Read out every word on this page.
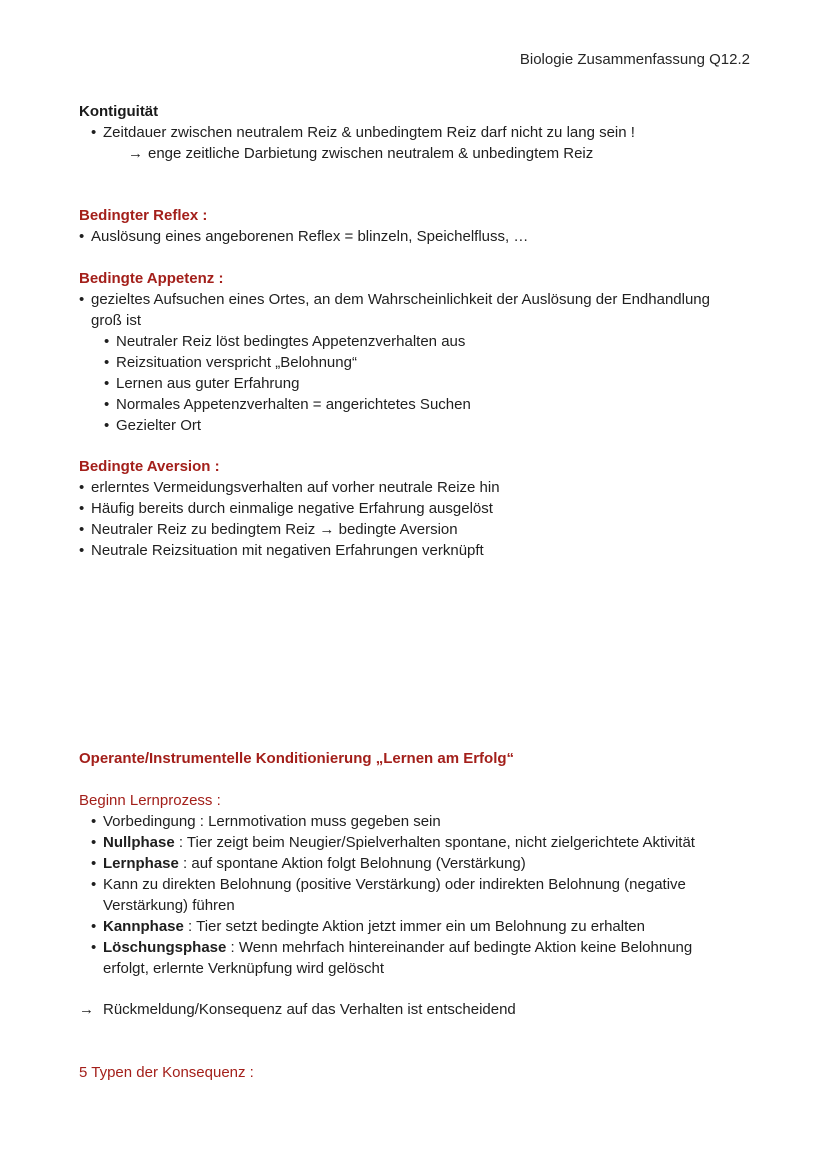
Biologie Zusammenfassung Q12.2
Kontiguität
• Zeitdauer zwischen neutralem Reiz & unbedingtem Reiz darf nicht zu lang sein !
→ enge zeitliche Darbietung zwischen neutralem & unbedingtem Reiz
Bedingter Reflex :
• Auslösung eines angeborenen Reflex = blinzeln, Speichelfluss, …
Bedingte Appetenz :
• gezieltes Aufsuchen eines Ortes, an dem Wahrscheinlichkeit der Auslösung der Endhandlung
groß ist
• Neutraler Reiz löst bedingtes Appetenzverhalten aus
• Reizsituation verspricht „Belohnung“
• Lernen aus guter Erfahrung
• Normales Appetenzverhalten = angerichtetes Suchen
• Gezielter Ort
Bedingte Aversion :
• erlerntes Vermeidungsverhalten auf vorher neutrale Reize hin
• Häufig bereits durch einmalige negative Erfahrung ausgelöst
• Neutraler Reiz zu bedingtem Reiz → bedingte Aversion
• Neutrale Reizsituation mit negativen Erfahrungen verknüpft
Operante/Instrumentelle Konditionierung „Lernen am Erfolg“
Beginn Lernprozess :
• Vorbedingung : Lernmotivation muss gegeben sein
• Nullphase : Tier zeigt beim Neugier/Spielverhalten spontane, nicht zielgerichtete Aktivität
• Lernphase : auf spontane Aktion folgt Belohnung (Verstärkung)
• Kann zu direkten Belohnung (positive Verstärkung) oder indirekten Belohnung (negative
Verstärkung) führen
• Kannphase : Tier setzt bedingte Aktion jetzt immer ein um Belohnung zu erhalten
• Löschungsphase : Wenn mehrfach hintereinander auf bedingte Aktion keine Belohnung
erfolgt, erlernte Verknüpfung wird gelöscht
→ Rückmeldung/Konsequenz auf das Verhalten ist entscheidend
5 Typen der Konsequenz :
